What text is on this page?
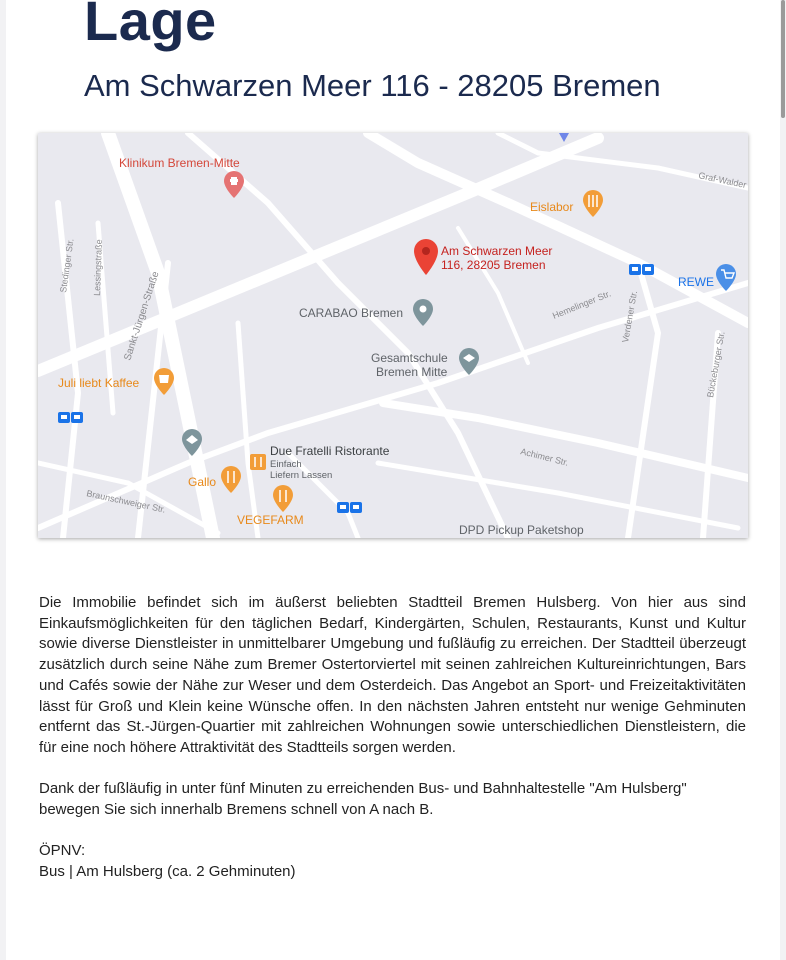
Lage
Am Schwarzen Meer 116 - 28205 Bremen
Graf-Walder
Stedinger Str. Lessingstraße
Sankt-Jürgen-Straße	Hemelinger Str. Verdener Str.
Bückeburger Str.
Achimer Str.
Braunschweiger Str.
Klinikum Bremen-Mitte
Eislabor
Am Schwarzen Meer
116, 28205 Bremen
REWE
CARABAO Bremen
Gesamtschule
Bremen Mitte
Juli liebt Kaffee
Due Fratelli Ristorante
Einfach
Liefern Lassen
Gallo
VEGEFARM
DPD Pickup Paketshop

Die Immobilie befindet sich im äußerst beliebten Stadtteil Bremen Hulsberg. Von hier aus sind Einkaufsmöglichkeiten für den täglichen Bedarf, Kindergärten, Schulen, Restaurants, Kunst und Kultur sowie diverse Dienstleister in unmittelbarer Umgebung und fußläufig zu erreichen. Der Stadtteil überzeugt zusätzlich durch seine Nähe zum Bremer Ostertorviertel mit seinen zahlreichen Kultureinrichtungen, Bars und Cafés sowie der Nähe zur Weser und dem Osterdeich. Das Angebot an Sport- und Freizeitaktivitäten lässt für Groß und Klein keine Wünsche offen. In den nächsten Jahren entsteht nur wenige Gehminuten entfernt das St.-Jürgen-Quartier mit zahlreichen Wohnungen sowie unterschiedlichen Dienstleistern, die für eine noch höhere Attraktivität des Stadtteils sorgen werden.

Dank der fußläufig in unter fünf Minuten zu erreichenden Bus- und Bahnhaltestelle "Am Hulsberg" bewegen Sie sich innerhalb Bremens schnell von A nach B.

ÖPNV:

Bus | Am Hulsberg (ca. 2 Gehminuten)
